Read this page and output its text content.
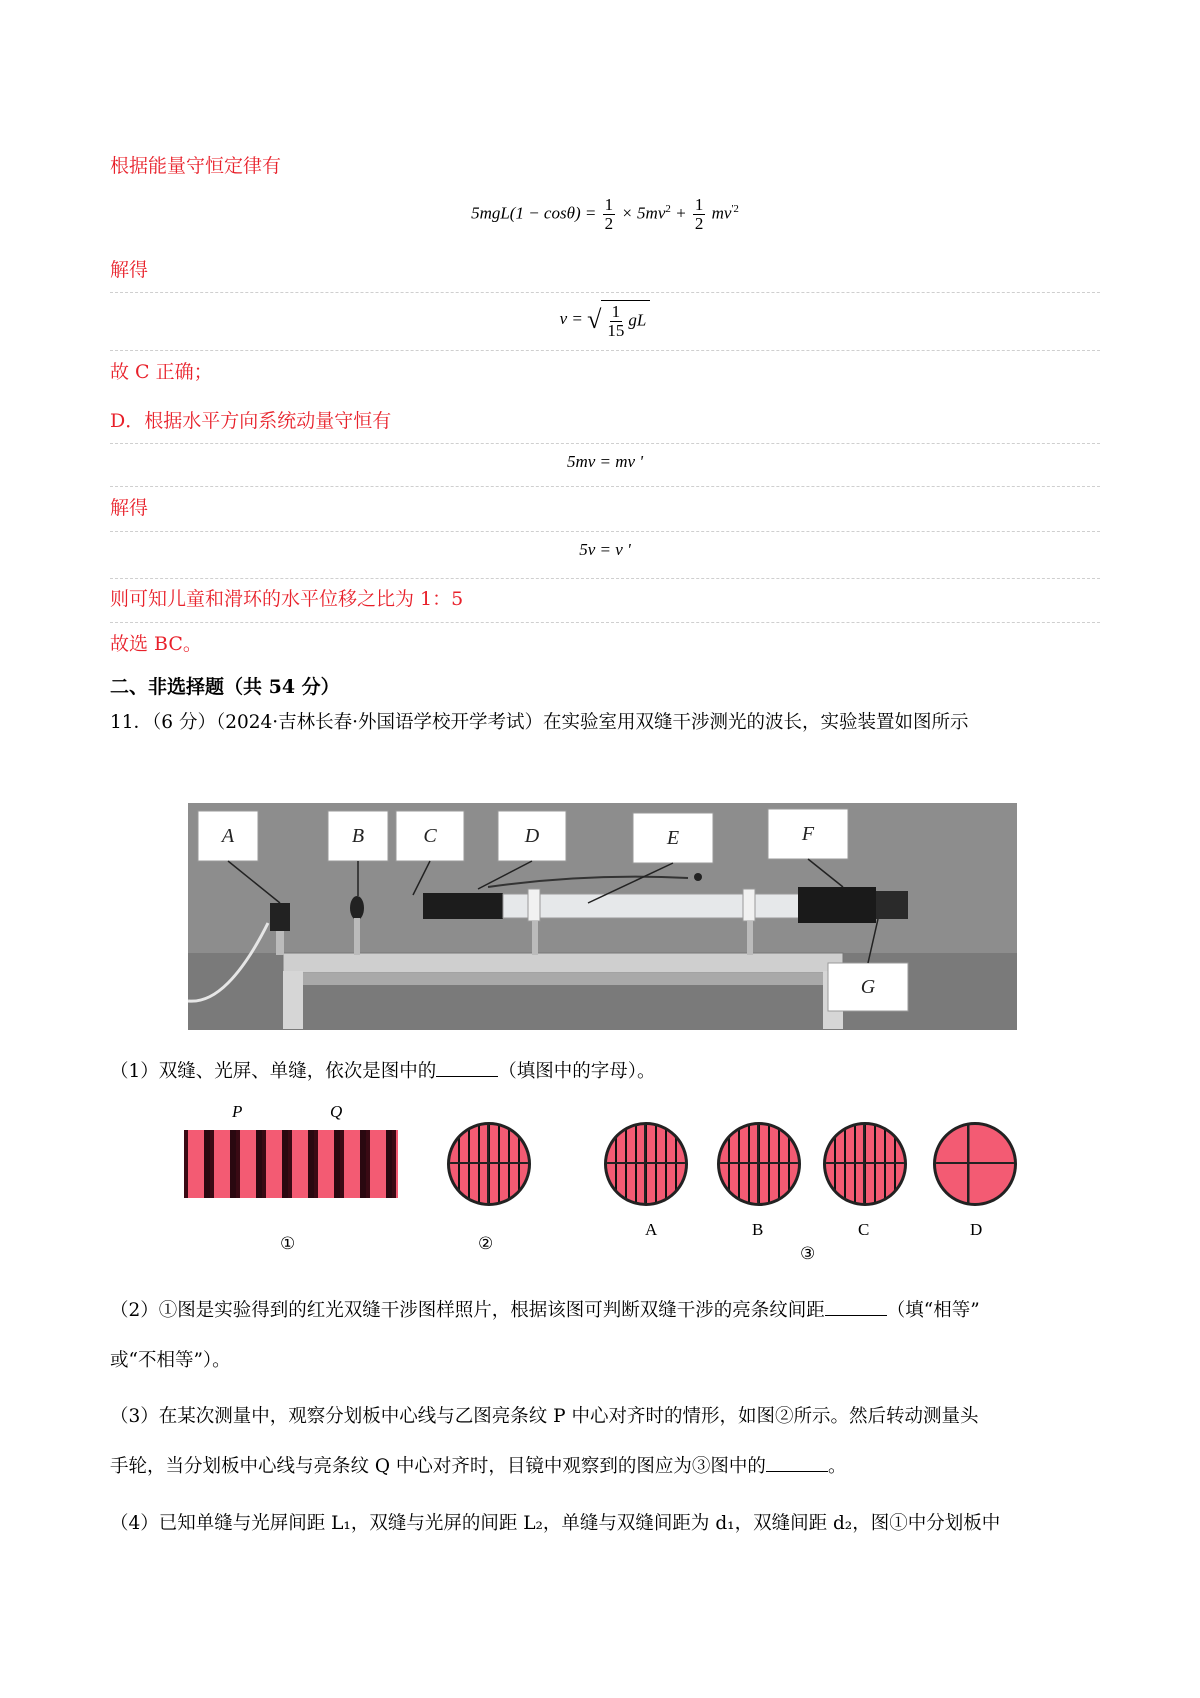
根据能量守恒定律有
$5mgL(1 - \cos\theta) = \frac{1}{2} \times 5mv^2 + \frac{1}{2} mv^{'2}$
解得
v = √ $\frac{1}{15}$ gL
故 C 正确；
D．根据水平方向系统动量守恒有
5mv = mv '
解得
5v = v '
则可知儿童和滑环的水平位移之比为 1：5
故选 BC。
二、非选择题（共 54 分）
11．（6 分）（2024·吉林长春·外国语学校开学考试）在实验室用双缝干涉测光的波长，实验装置如图所示
A	B	C	D	E	F
G
（1）双缝、光屏、单缝，依次是图中的	（填图中的字母）。
P	Q
①	②
A	B	C	D
③
（2）①图是实验得到的红光双缝干涉图样照片，根据该图可判断双缝干涉的亮条纹间距	（填“相等”
或“不相等”）。
（3）在某次测量中，观察分划板中心线与乙图亮条纹 P 中心对齐时的情形，如图②所示。然后转动测量头
手轮，当分划板中心线与亮条纹 Q 中心对齐时，目镜中观察到的图应为③图中的	。
（4）已知单缝与光屏间距 L₁，双缝与光屏的间距 L₂，单缝与双缝间距为 d₁，双缝间距 d₂，图①中分划板中
